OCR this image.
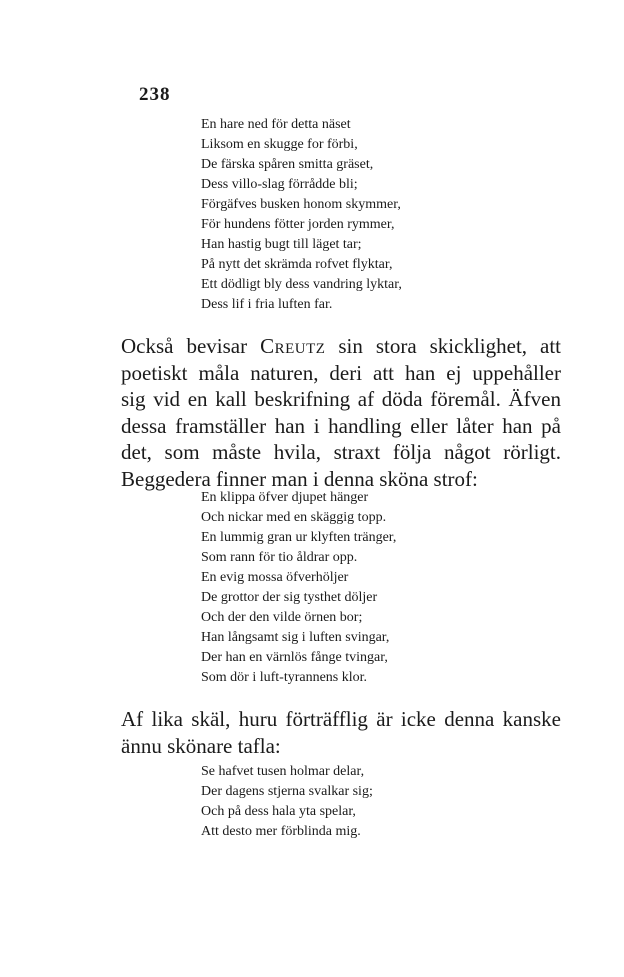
238
En hare ned för detta näset
Liksom en skugge for förbi,
De färska spåren smitta gräset,
Dess villo-slag förrådde bli;
Förgäfves busken honom skymmer,
För hundens fötter jorden rymmer,
Han hastig bugt till läget tar;
På nytt det skrämda rofvet flyktar,
Ett dödligt bly dess vandring lyktar,
Dess lif i fria luften far.
Också bevisar Creutz sin stora skicklighet, att
poetiskt måla naturen, deri att han ej uppehåller
sig vid en kall beskrifning af döda föremål. Äfven
dessa framställer han i handling eller låter han på
det, som måste hvila, straxt följa något rörligt.
Beggedera finner man i denna sköna strof:
En klippa öfver djupet hänger
Och nickar med en skäggig topp.
En lummig gran ur klyften tränger,
Som rann för tio åldrar opp.
En evig mossa öfverhöljer
De grottor der sig tysthet döljer
Och der den vilde örnen bor;
Han långsamt sig i luften svingar,
Der han en värnlös fånge tvingar,
Som dör i luft-tyrannens klor.
Af lika skäl, huru förträfflig är icke denna kanske
ännu skönare tafla:
Se hafvet tusen holmar delar,
Der dagens stjerna svalkar sig;
Och på dess hala yta spelar,
Att desto mer förblinda mig.
